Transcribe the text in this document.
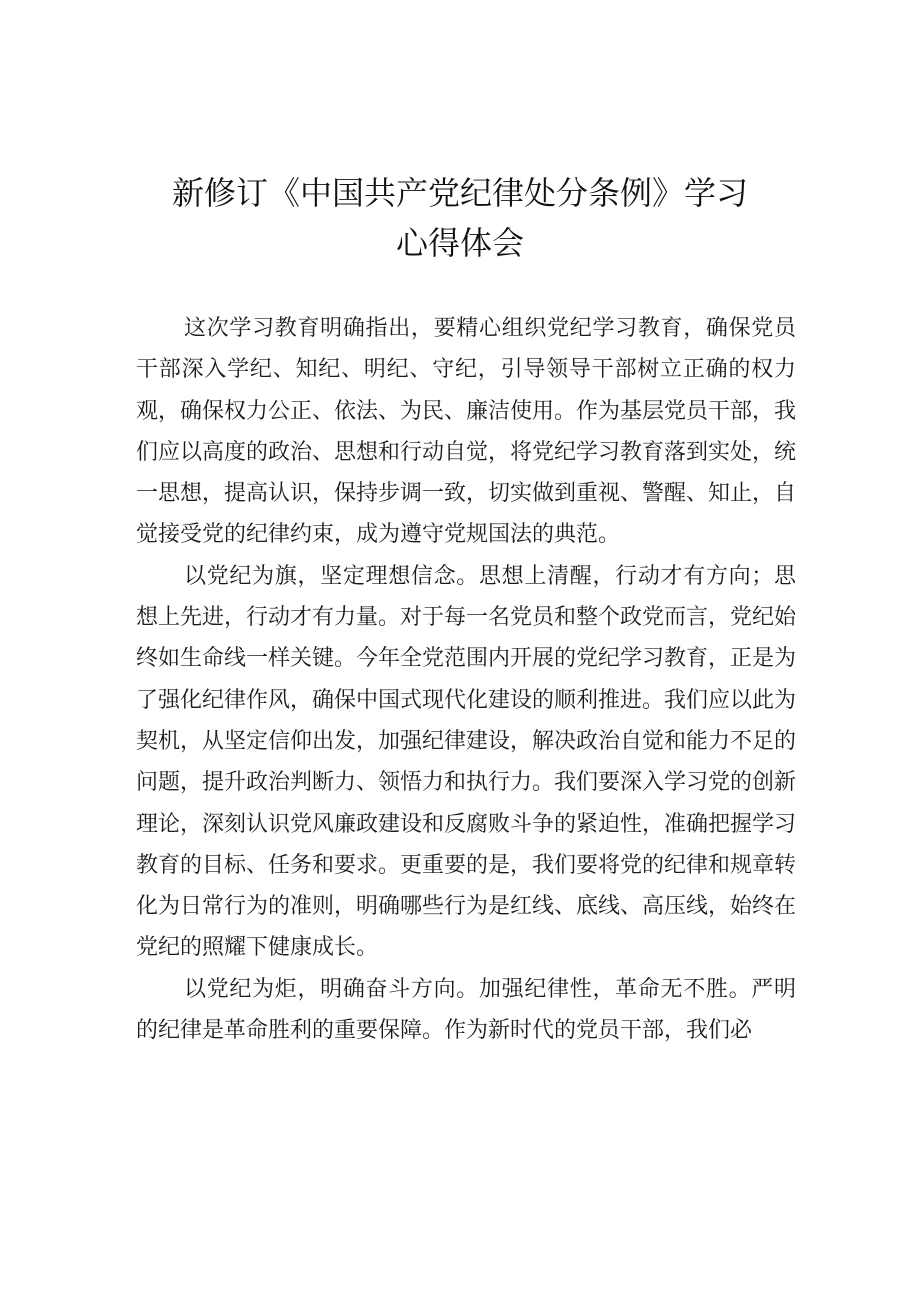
新修订《中国共产党纪律处分条例》学习
心得体会

这次学习教育明确指出，要精心组织党纪学习教育，确保党员干部深入学纪、知纪、明纪、守纪，引导领导干部树立正确的权力观，确保权力公正、依法、为民、廉洁使用。作为基层党员干部，我们应以高度的政治、思想和行动自觉，将党纪学习教育落到实处，统一思想，提高认识，保持步调一致，切实做到重视、警醒、知止，自觉接受党的纪律约束，成为遵守党规国法的典范。

以党纪为旗，坚定理想信念。思想上清醒，行动才有方向；思想上先进，行动才有力量。对于每一名党员和整个政党而言，党纪始终如生命线一样关键。今年全党范围内开展的党纪学习教育，正是为了强化纪律作风，确保中国式现代化建设的顺利推进。我们应以此为契机，从坚定信仰出发，加强纪律建设，解决政治自觉和能力不足的问题，提升政治判断力、领悟力和执行力。我们要深入学习党的创新理论，深刻认识党风廉政建设和反腐败斗争的紧迫性，准确把握学习教育的目标、任务和要求。更重要的是，我们要将党的纪律和规章转化为日常行为的准则，明确哪些行为是红线、底线、高压线，始终在党纪的照耀下健康成长。

以党纪为炬，明确奋斗方向。加强纪律性，革命无不胜。严明的纪律是革命胜利的重要保障。作为新时代的党员干部，我们必
